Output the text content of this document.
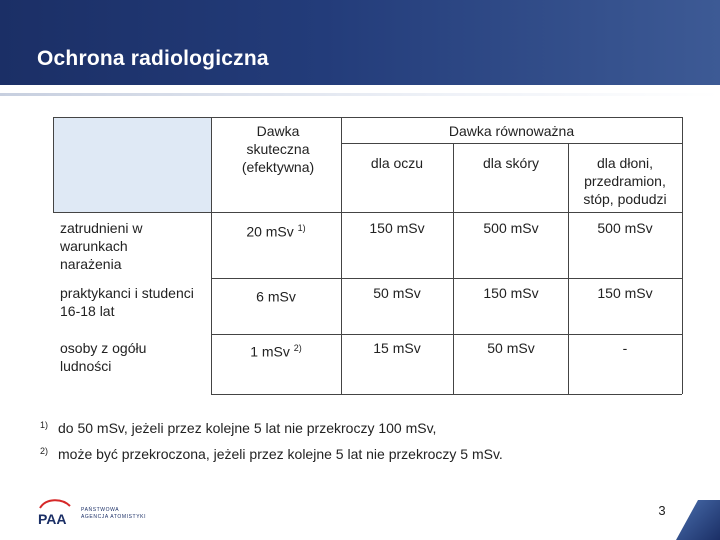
Ochrona radiologiczna
Dawka skuteczna (efektywna)
Dawka równoważna
dla oczu	dla skóry	dla dłoni, przedramion, stóp, podudzi
zatrudnieni w warunkach narażenia
20 mSv $^{1)}$	150 mSv	500 mSv	500 mSv
praktykanci i studenci 16-18 lat
6 mSv	50 mSv	150 mSv	150 mSv
osoby z ogółu ludności
1 mSv $^{2)}$	15 mSv	50 mSv	-
1) do 50 mSv, jeżeli przez kolejne 5 lat nie przekroczy 100 mSv,
2) może być przekroczona, jeżeli przez kolejne 5 lat nie przekroczy 5 mSv.
PAA
PAŃSTWOWA
AGENCJA ATOMISTYKI	3
